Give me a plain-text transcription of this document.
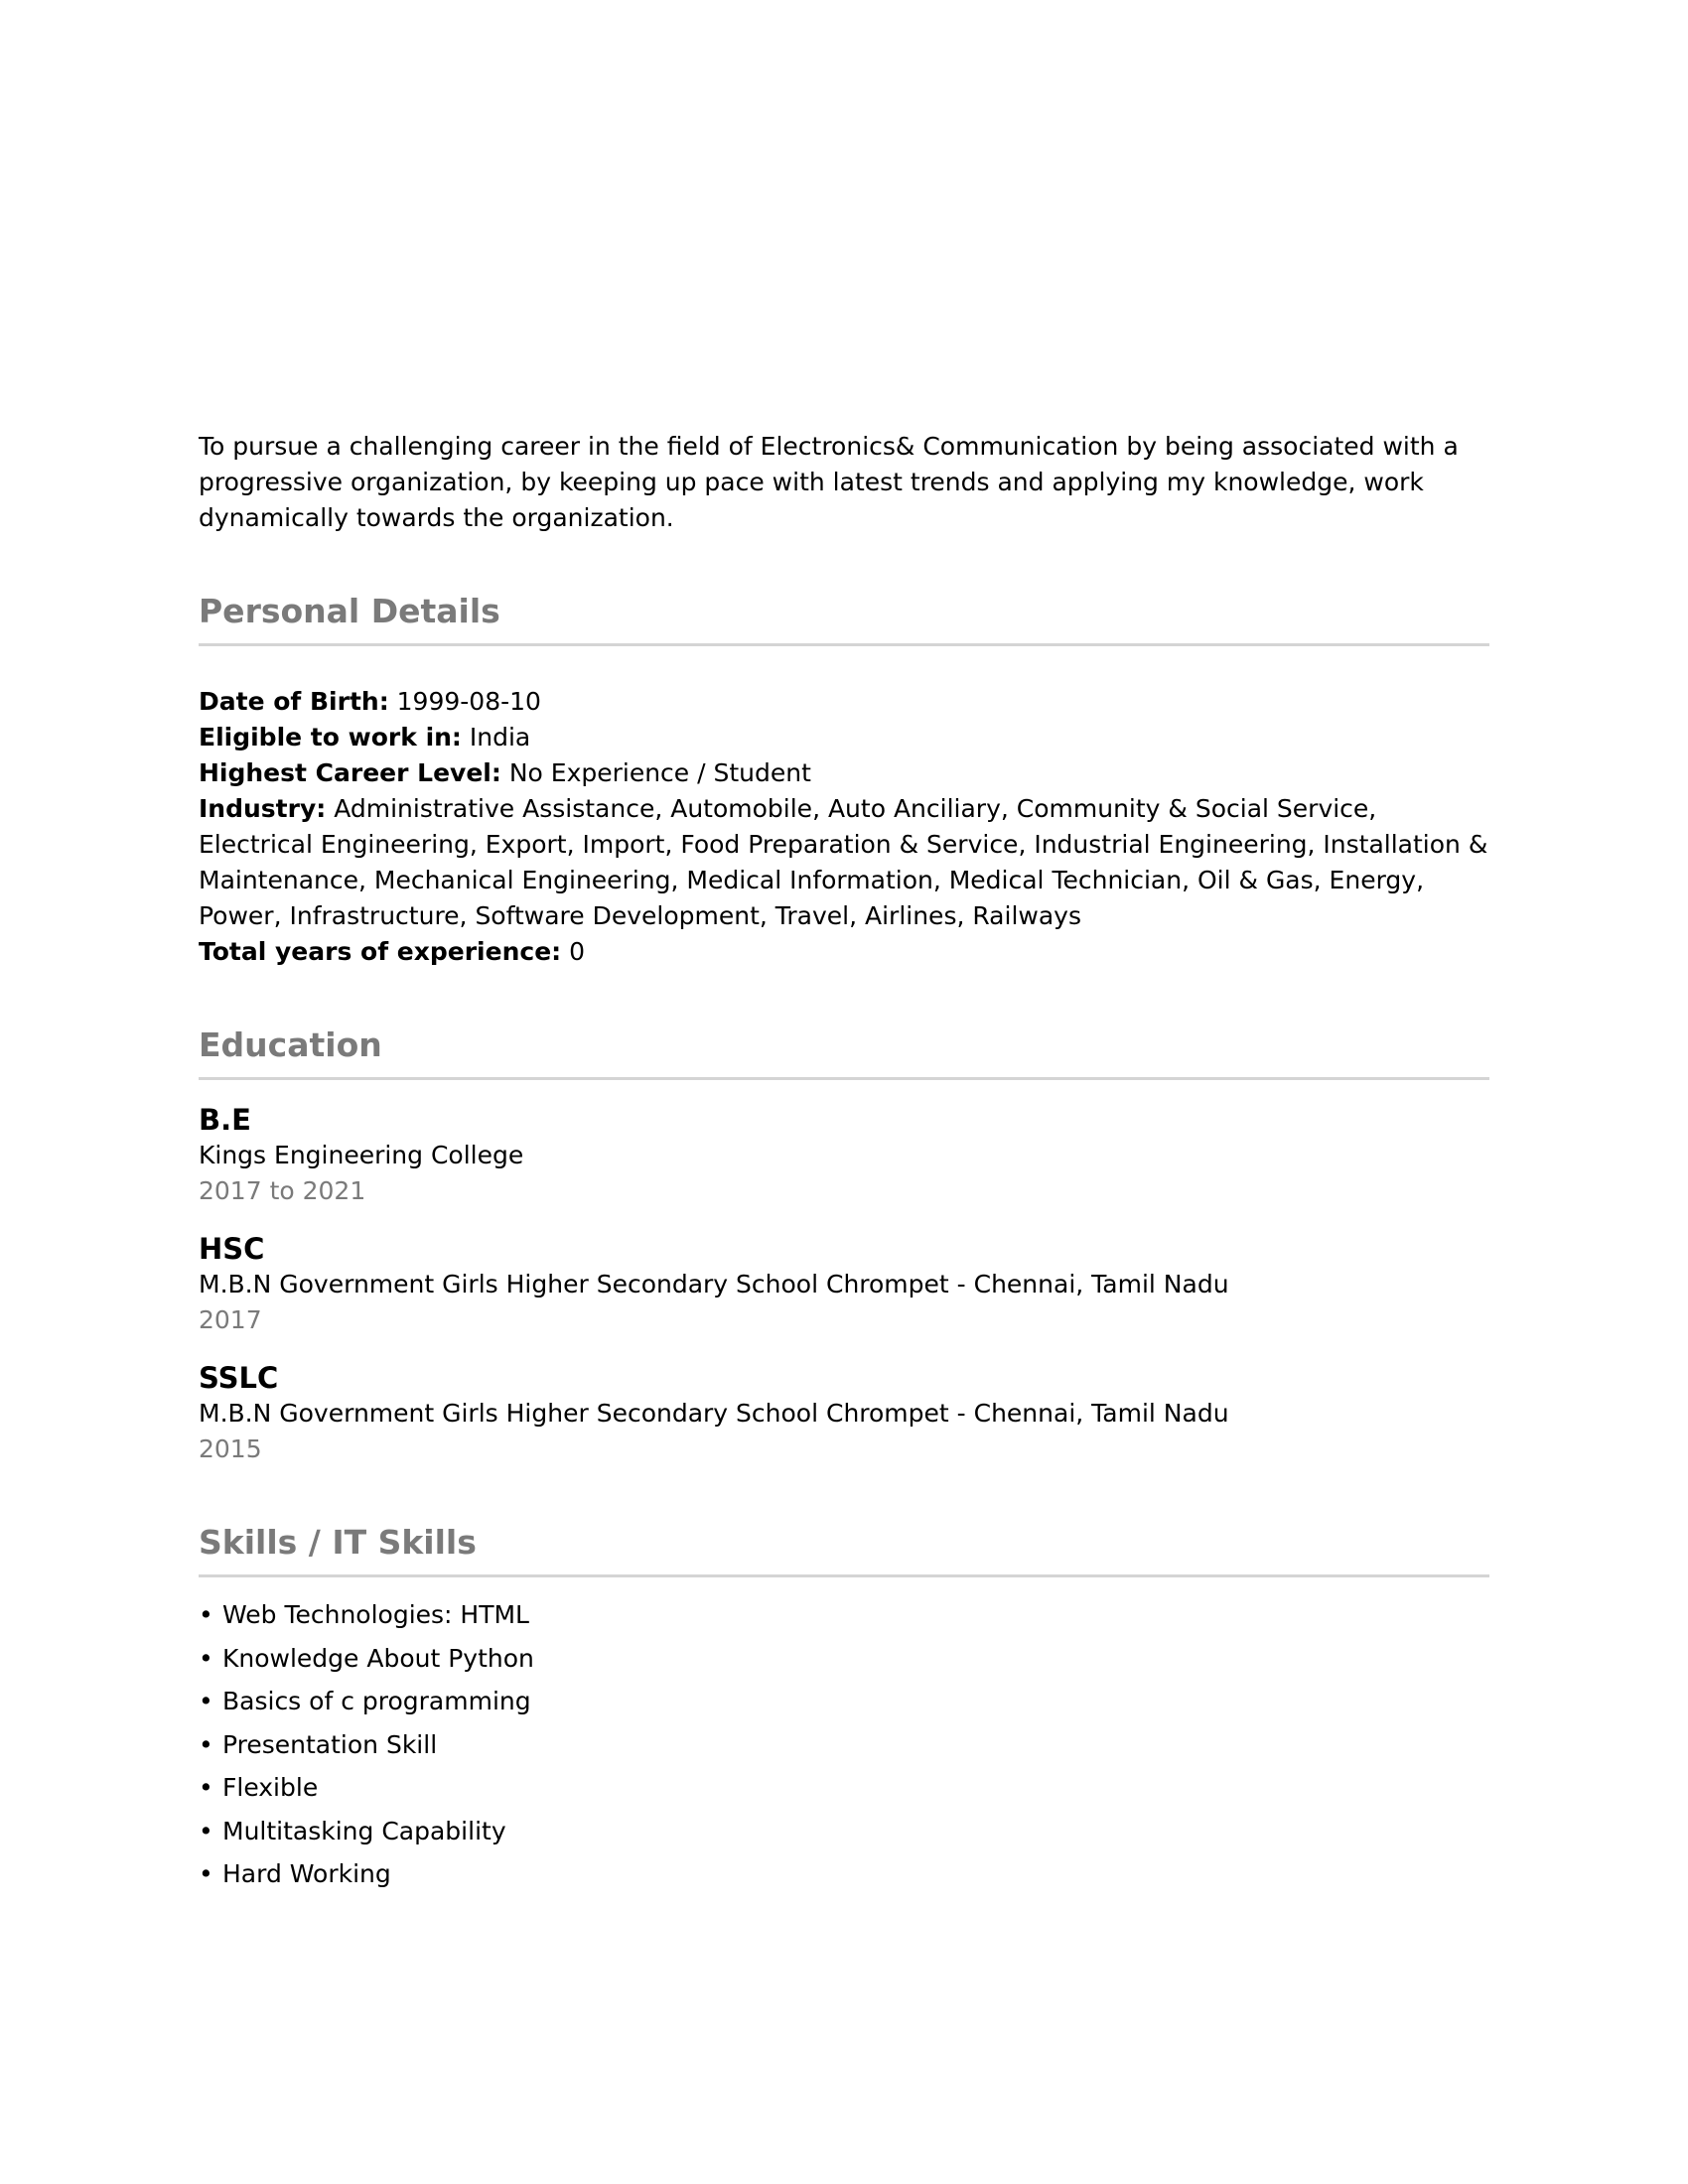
To pursue a challenging career in the field of Electronics& Communication by being associated with a progressive organization, by keeping up pace with latest trends and applying my knowledge, work dynamically towards the organization.

Personal Details

Date of Birth: 1999-08-10

Eligible to work in: India

Highest Career Level: No Experience / Student

Industry: Administrative Assistance, Automobile, Auto Anciliary, Community & Social Service, Electrical Engineering, Export, Import, Food Preparation & Service, Industrial Engineering, Installation & Maintenance, Mechanical Engineering, Medical Information, Medical Technician, Oil & Gas, Energy, Power, Infrastructure, Software Development, Travel, Airlines, Railways

Total years of experience: 0

Education

B.E

Kings Engineering College

2017 to 2021

HSC

M.B.N Government Girls Higher Secondary School Chrompet - Chennai, Tamil Nadu

2017

SSLC

M.B.N Government Girls Higher Secondary School Chrompet - Chennai, Tamil Nadu

2015

Skills / IT Skills
• Web Technologies: HTML
• Knowledge About Python
• Basics of c programming
• Presentation Skill
• Flexible
• Multitasking Capability
• Hard Working
